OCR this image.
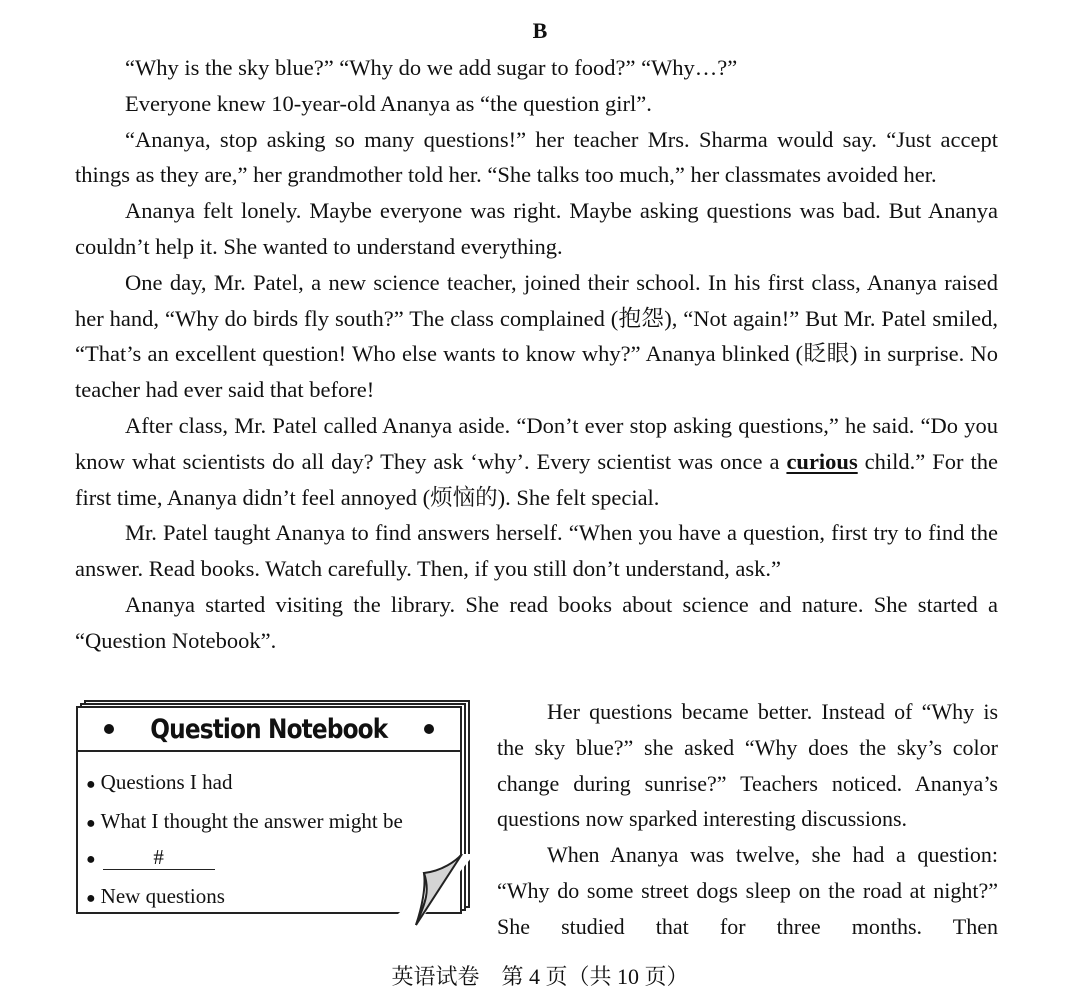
B

“Why is the sky blue?” “Why do we add sugar to food?” “Why…?”

Everyone knew 10-year-old Ananya as “the question girl”.

“Ananya, stop asking so many questions!” her teacher Mrs. Sharma would say. “Just accept things as they are,” her grandmother told her. “She talks too much,” her classmates avoided her.

Ananya felt lonely. Maybe everyone was right. Maybe asking questions was bad. But Ananya couldn’t help it. She wanted to understand everything.

One day, Mr. Patel, a new science teacher, joined their school. In his first class, Ananya raised her hand, “Why do birds fly south?” The class complained (抱怨), “Not again!” But Mr. Patel smiled, “That’s an excellent question! Who else wants to know why?” Ananya blinked (眨眼) in surprise. No teacher had ever said that before!

After class, Mr. Patel called Ananya aside. “Don’t ever stop asking questions,” he said. “Do you know what scientists do all day? They ask ‘why’. Every scientist was once a curious child.” For the first time, Ananya didn’t feel annoyed (烦恼的). She felt special.

Mr. Patel taught Ananya to find answers herself. “When you have a question, first try to find the answer. Read books. Watch carefully. Then, if you still don’t understand, ask.”

Ananya started visiting the library. She read books about science and nature. She started a “Question Notebook”.

Question Notebook
● Questions I had
● What I thought the answer might be
●	#
● New questions

Her questions became better. Instead of “Why is the sky blue?” she asked “Why does the sky’s color change during sunrise?” Teachers noticed. Ananya’s questions now sparked interesting discussions.

When Ananya was twelve, she had a question: “Why do some street dogs sleep on the road at night?” She studied that for three months. Then

英语试卷　第 4 页（共 10 页）
